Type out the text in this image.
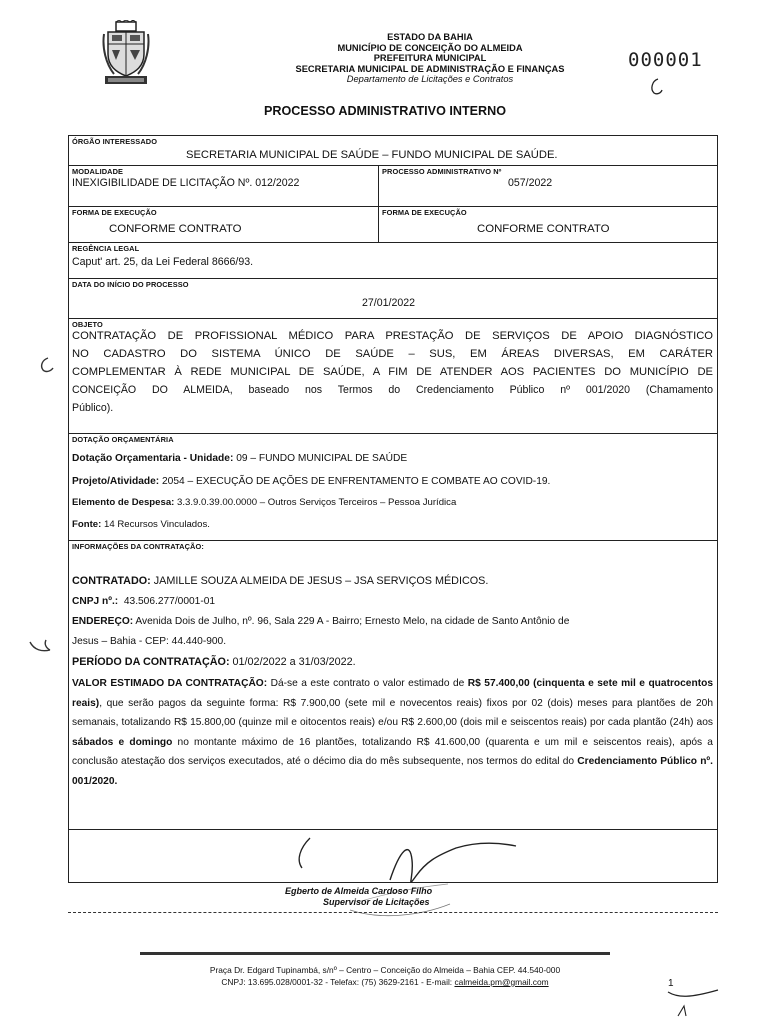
ESTADO DA BAHIA
MUNICÍPIO DE CONCEIÇÃO DO ALMEIDA
PREFEITURA MUNICIPAL
SECRETARIA MUNICIPAL DE ADMINISTRAÇÃO E FINANÇAS
Departamento de Licitações e Contratos
000001
PROCESSO ADMINISTRATIVO INTERNO
ÓRGÃO INTERESSADO
SECRETARIA MUNICIPAL DE SAÚDE – FUNDO MUNICIPAL DE SAÚDE.
MODALIDADE
INEXIGIBILIDADE DE LICITAÇÃO Nº. 012/2022
PROCESSO ADMINISTRATIVO Nº
057/2022
FORMA DE EXECUÇÃO
CONFORME CONTRATO
FORMA DE EXECUÇÃO
CONFORME CONTRATO
REGÊNCIA LEGAL
Caput' art. 25, da Lei Federal 8666/93.
DATA DO INÍCIO DO PROCESSO
27/01/2022
OBJETO
CONTRATAÇÃO DE PROFISSIONAL MÉDICO PARA PRESTAÇÃO DE SERVIÇOS DE APOIO DIAGNÓSTICO
NO CADASTRO DO SISTEMA ÚNICO DE SAÚDE – SUS, EM ÁREAS DIVERSAS, EM CARÁTER
COMPLEMENTAR À REDE MUNICIPAL DE SAÚDE, A FIM DE ATENDER AOS PACIENTES DO MUNICÍPIO DE
CONCEIÇÃO DO ALMEIDA, baseado nos Termos do Credenciamento Público nº 001/2020 (Chamamento
Público).
DOTAÇÃO ORÇAMENTÁRIA
Dotação Orçamentaria - Unidade: 09 – FUNDO MUNICIPAL DE SAÚDE
Projeto/Atividade: 2054 – EXECUÇÃO DE AÇÕES DE ENFRENTAMENTO E COMBATE AO COVID-19.
Elemento de Despesa: 3.3.9.0.39.00.0000 – Outros Serviços Terceiros – Pessoa Jurídica
Fonte: 14 Recursos Vinculados.
INFORMAÇÕES DA CONTRATAÇÃO:
CONTRATADO: JAMILLE SOUZA ALMEIDA DE JESUS – JSA SERVIÇOS MÉDICOS.
CNPJ nº.: 43.506.277/0001-01
ENDEREÇO: Avenida Dois de Julho, nº. 96, Sala 229 A - Bairro; Ernesto Melo, na cidade de Santo Antônio de
Jesus – Bahia - CEP: 44.440-900.
PERÍODO DA CONTRATAÇÃO: 01/02/2022 a 31/03/2022.
VALOR ESTIMADO DA CONTRATAÇÃO: Dá-se a este contrato o valor estimado de R$ 57.400,00 (cinquenta e sete mil e quatrocentos reais), que serão pagos da seguinte forma: R$ 7.900,00 (sete mil e novecentos reais) fixos por 02 (dois) meses para plantões de 20h semanais, totalizando R$ 15.800,00 (quinze mil e oitocentos reais) e/ou R$ 2.600,00 (dois mil e seiscentos reais) por cada plantão (24h) aos sábados e domingo no montante máximo de 16 plantões, totalizando R$ 41.600,00 (quarenta e um mil e seiscentos reais), após a conclusão atestação dos serviços executados, até o décimo dia do mês subsequente, nos termos do edital do Credenciamento Público nº. 001/2020.
Egberto de Almeida Cardoso Filho
Supervisor de Licitações
Praça Dr. Edgard Tupinambá, s/nº – Centro – Conceição do Almeida – Bahia CEP. 44.540-000
CNPJ: 13.695.028/0001-32 - Telefax: (75) 3629-2161 - E-mail: calmeida.pm@gmail.com	1
